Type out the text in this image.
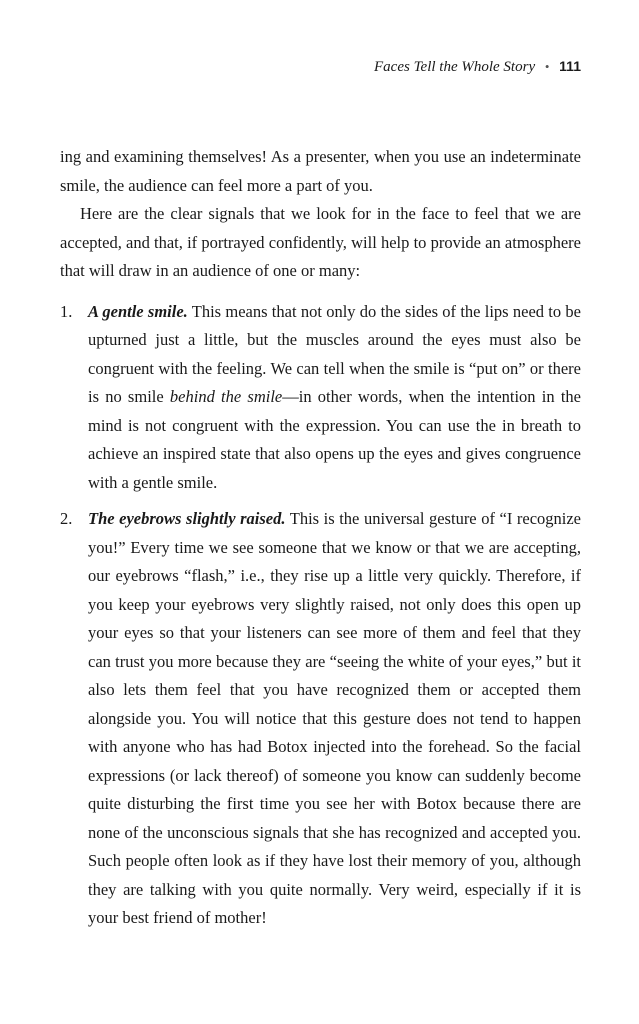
Faces Tell the Whole Story • 111

ing and examining themselves! As a presenter, when you use an indeterminate smile, the audience can feel more a part of you.

Here are the clear signals that we look for in the face to feel that we are accepted, and that, if portrayed confidently, will help to provide an atmosphere that will draw in an audience of one or many:

1. A gentle smile. This means that not only do the sides of the lips need to be upturned just a little, but the muscles around the eyes must also be congruent with the feeling. We can tell when the smile is “put on” or there is no smile behind the smile—in other words, when the intention in the mind is not congruent with the expression. You can use the in breath to achieve an inspired state that also opens up the eyes and gives congruence with a gentle smile.
2. The eyebrows slightly raised. This is the universal gesture of “I recognize you!” Every time we see someone that we know or that we are accepting, our eyebrows “flash,” i.e., they rise up a little very quickly. Therefore, if you keep your eyebrows very slightly raised, not only does this open up your eyes so that your listeners can see more of them and feel that they can trust you more because they are “seeing the white of your eyes,” but it also lets them feel that you have recognized them or accepted them alongside you. You will notice that this gesture does not tend to happen with anyone who has had Botox injected into the forehead. So the facial expressions (or lack thereof) of someone you know can suddenly become quite disturbing the first time you see her with Botox because there are none of the unconscious signals that she has recognized and accepted you. Such people often look as if they have lost their memory of you, although they are talking with you quite normally. Very weird, especially if it is your best friend of mother!
